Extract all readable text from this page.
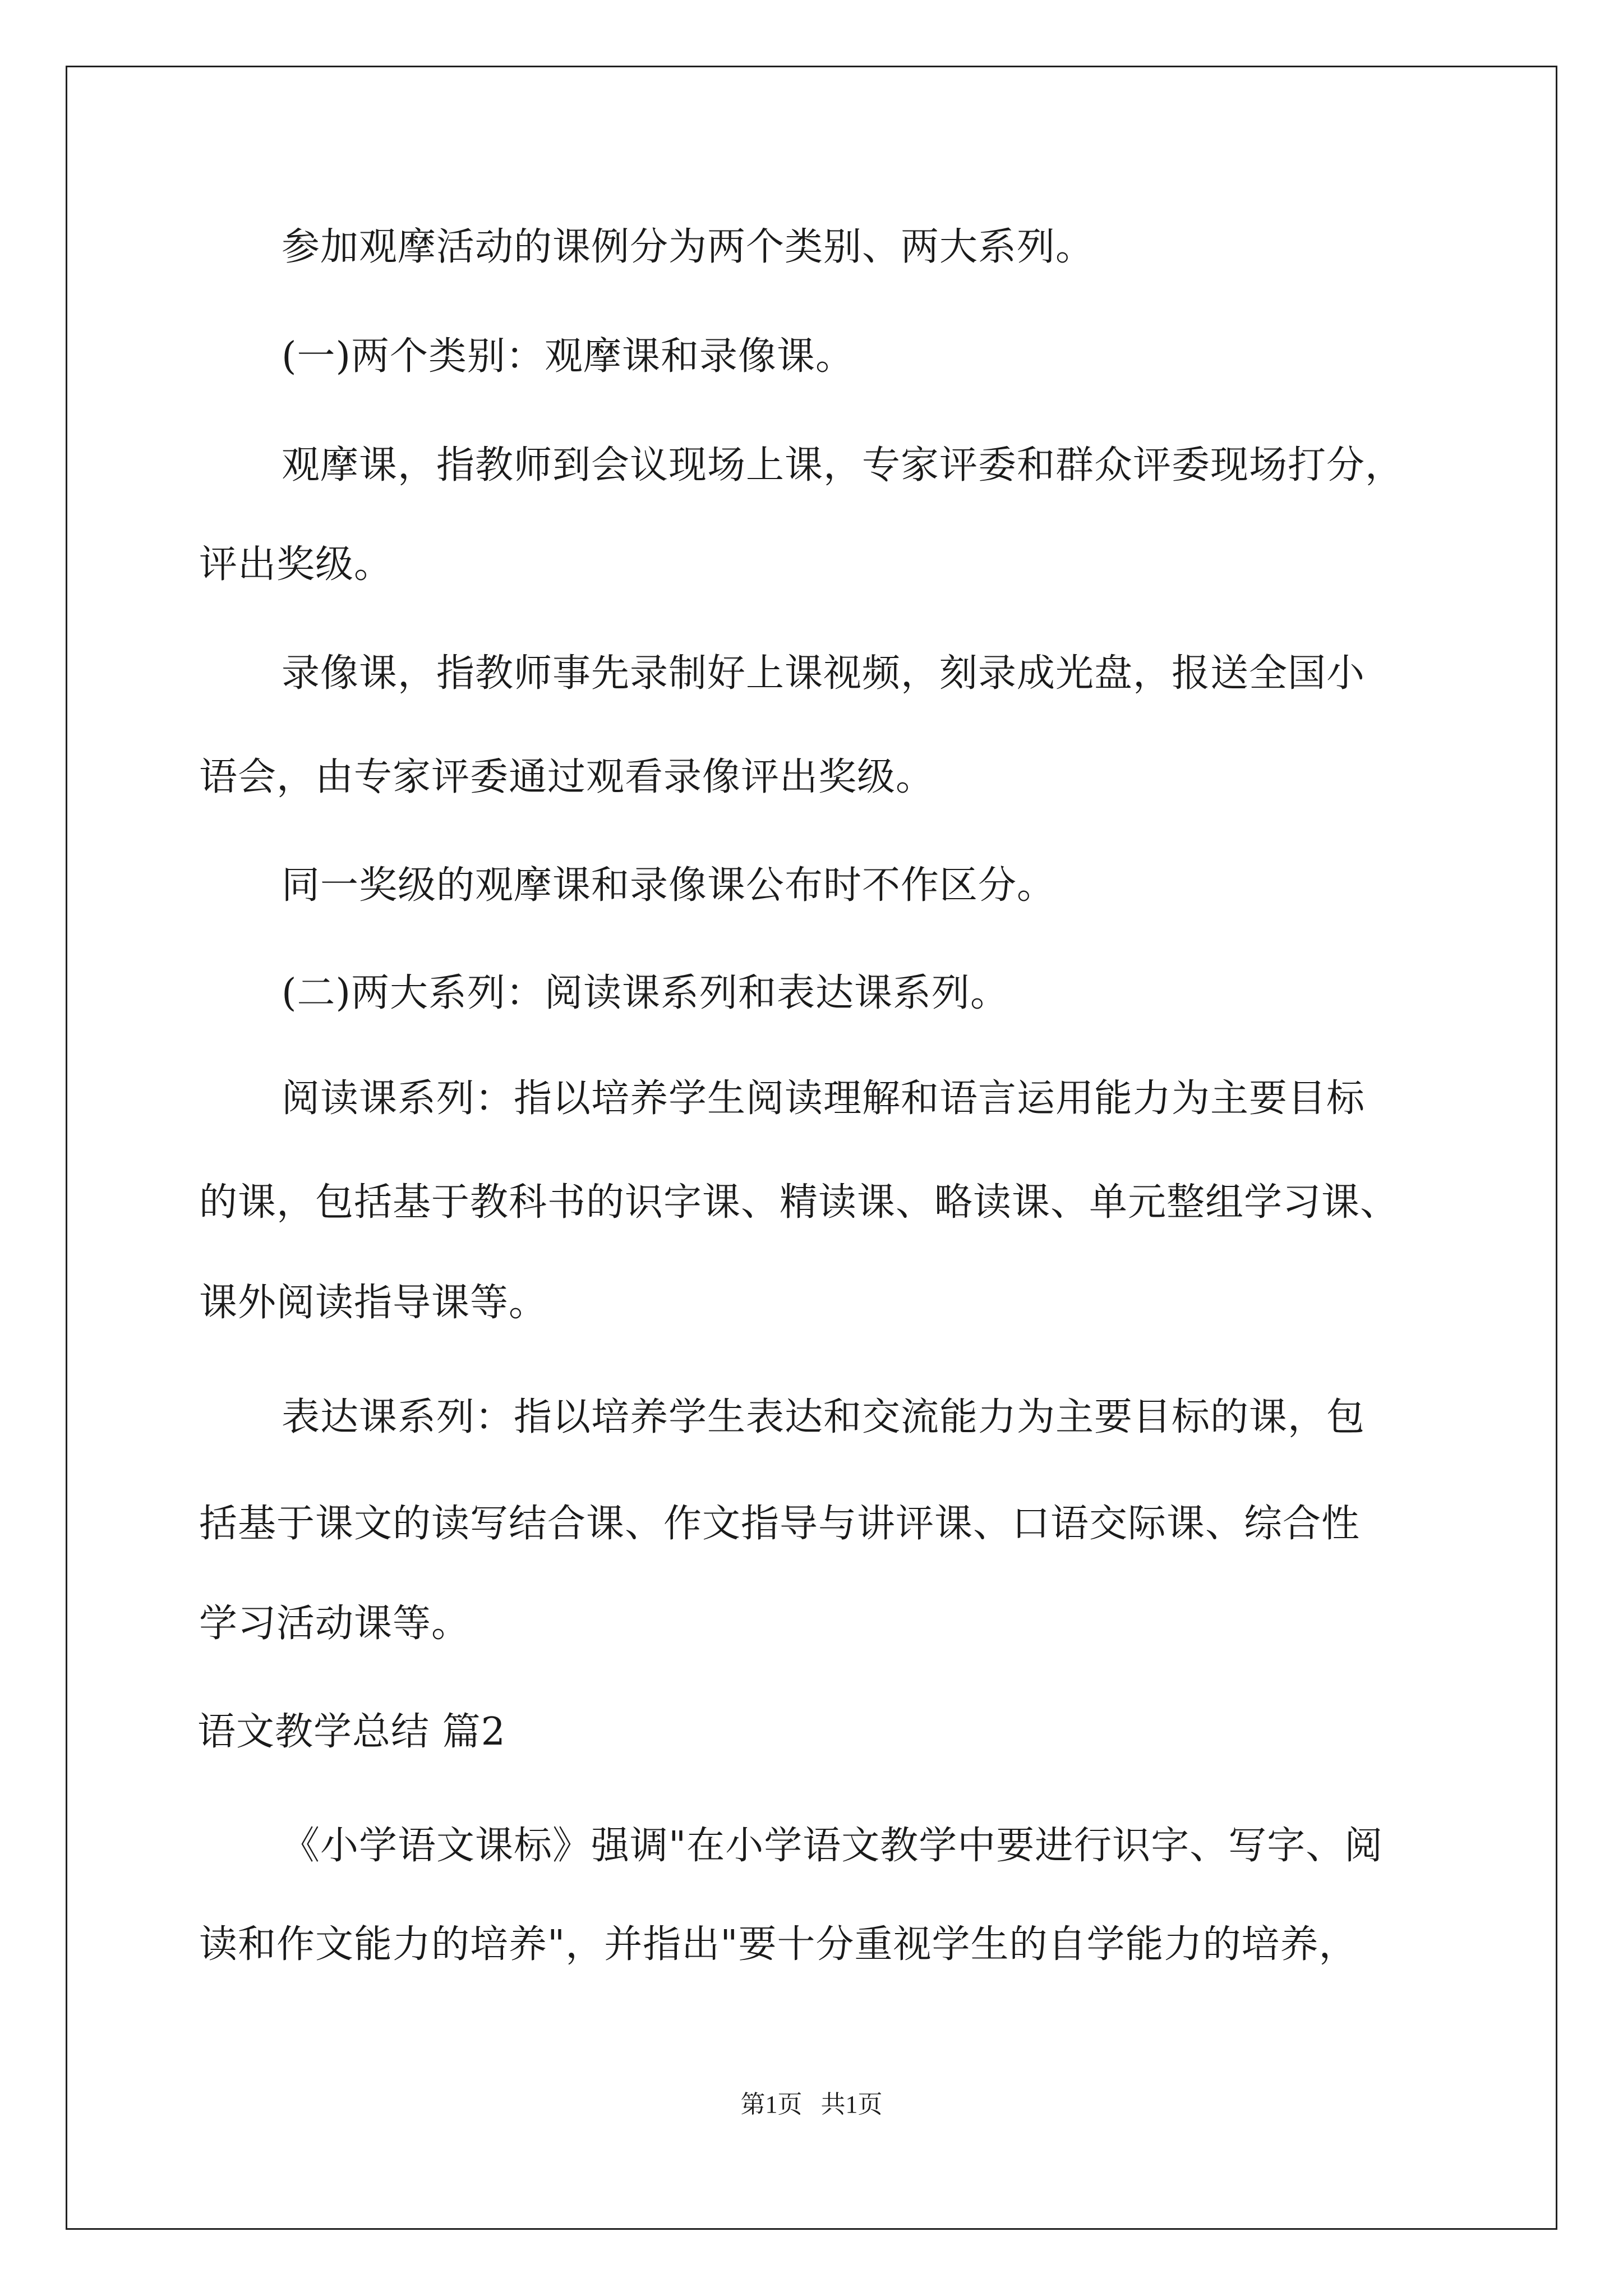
参加观摩活动的课例分为两个类别、两大系列。
(一)两个类别：观摩课和录像课。
观摩课，指教师到会议现场上课，专家评委和群众评委现场打分，
评出奖级。
录像课，指教师事先录制好上课视频，刻录成光盘，报送全国小
语会，由专家评委通过观看录像评出奖级。
同一奖级的观摩课和录像课公布时不作区分。
(二)两大系列：阅读课系列和表达课系列。
阅读课系列：指以培养学生阅读理解和语言运用能力为主要目标
的课，包括基于教科书的识字课、精读课、略读课、单元整组学习课、
课外阅读指导课等。
表达课系列：指以培养学生表达和交流能力为主要目标的课，包
括基于课文的读写结合课、作文指导与讲评课、口语交际课、综合性
学习活动课等。
语文教学总结 篇2
《小学语文课标》强调"在小学语文教学中要进行识字、写字、阅
读和作文能力的培养"，并指出"要十分重视学生的自学能力的培养，
第1页   共1页
